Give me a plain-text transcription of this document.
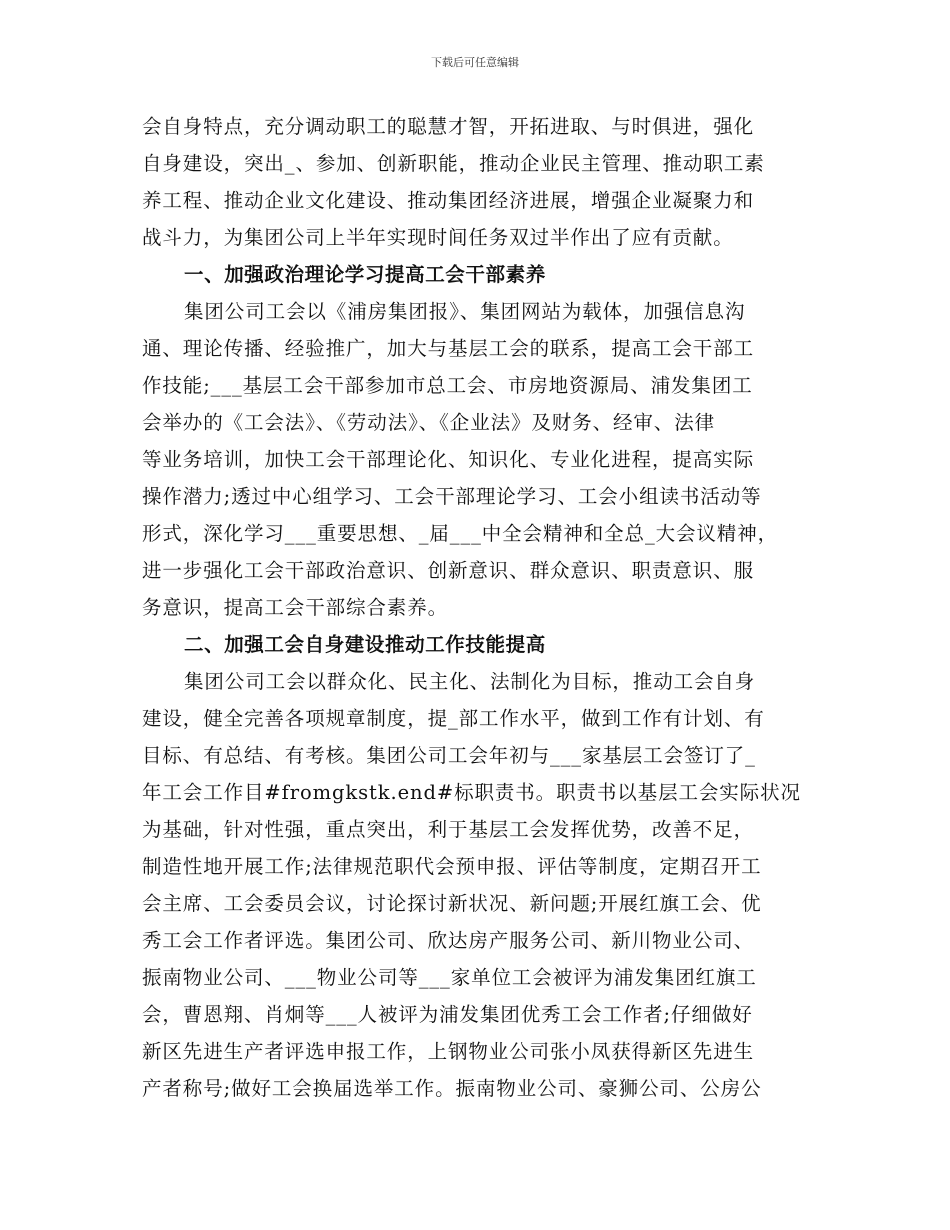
下载后可任意编辑
会自身特点，充分调动职工的聪慧才智，开拓进取、与时俱进，强化
自身建设，突出_、参加、创新职能，推动企业民主管理、推动职工素
养工程、推动企业文化建设、推动集团经济进展，增强企业凝聚力和
战斗力，为集团公司上半年实现时间任务双过半作出了应有贡献。
一、加强政治理论学习提高工会干部素养
集团公司工会以《浦房集团报》、集团网站为载体，加强信息沟
通、理论传播、经验推广，加大与基层工会的联系，提高工会干部工
作技能;___基层工会干部参加市总工会、市房地资源局、浦发集团工
会举办的《工会法》、《劳动法》、《企业法》及财务、经审、法律
等业务培训，加快工会干部理论化、知识化、专业化进程，提高实际
操作潜力;透过中心组学习、工会干部理论学习、工会小组读书活动等
形式，深化学习___重要思想、_届___中全会精神和全总_大会议精神，
进一步强化工会干部政治意识、创新意识、群众意识、职责意识、服
务意识，提高工会干部综合素养。
二、加强工会自身建设推动工作技能提高
集团公司工会以群众化、民主化、法制化为目标，推动工会自身
建设，健全完善各项规章制度，提_部工作水平，做到工作有计划、有
目标、有总结、有考核。集团公司工会年初与___家基层工会签订了_
年工会工作目#fromgkstk.end#标职责书。职责书以基层工会实际状况
为基础，针对性强，重点突出，利于基层工会发挥优势，改善不足，
制造性地开展工作;法律规范职代会预申报、评估等制度，定期召开工
会主席、工会委员会议，讨论探讨新状况、新问题;开展红旗工会、优
秀工会工作者评选。集团公司、欣达房产服务公司、新川物业公司、
振南物业公司、___物业公司等___家单位工会被评为浦发集团红旗工
会，曹恩翔、肖炯等___人被评为浦发集团优秀工会工作者;仔细做好
新区先进生产者评选申报工作，上钢物业公司张小凤获得新区先进生
产者称号;做好工会换届选举工作。振南物业公司、豪狮公司、公房公
